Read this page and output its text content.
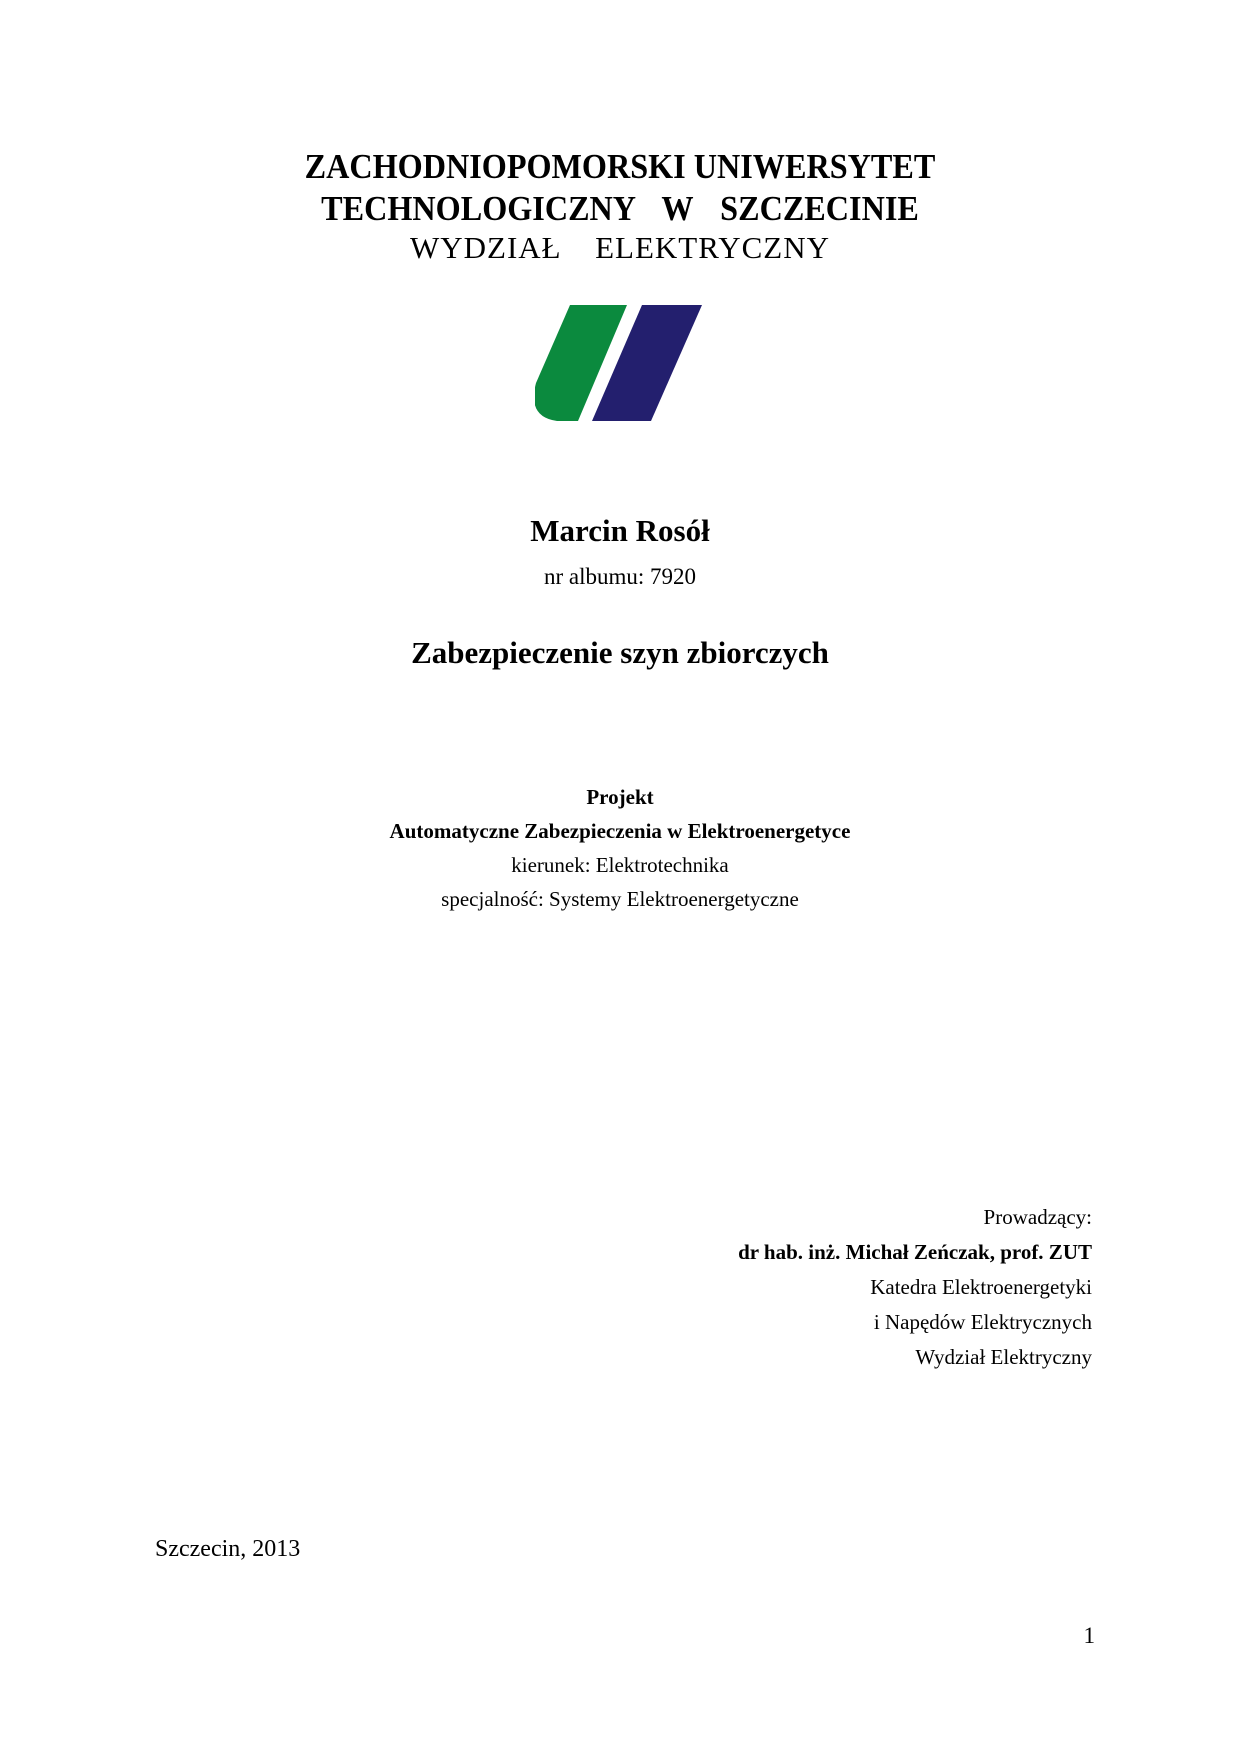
ZACHODNIOPOMORSKI UNIWERSYTET
TECHNOLOGICZNY  W  SZCZECINIE
WYDZIAŁ  ELEKTRYCZNY
Marcin Rosół
nr albumu: 7920
Zabezpieczenie szyn zbiorczych
Projekt
Automatyczne Zabezpieczenia w Elektroenergetyce
kierunek: Elektrotechnika
specjalność: Systemy Elektroenergetyczne
Prowadzący:
dr hab. inż. Michał Zeńczak, prof. ZUT
Katedra Elektroenergetyki
i Napędów Elektrycznych
Wydział Elektryczny
Szczecin, 2013
1
